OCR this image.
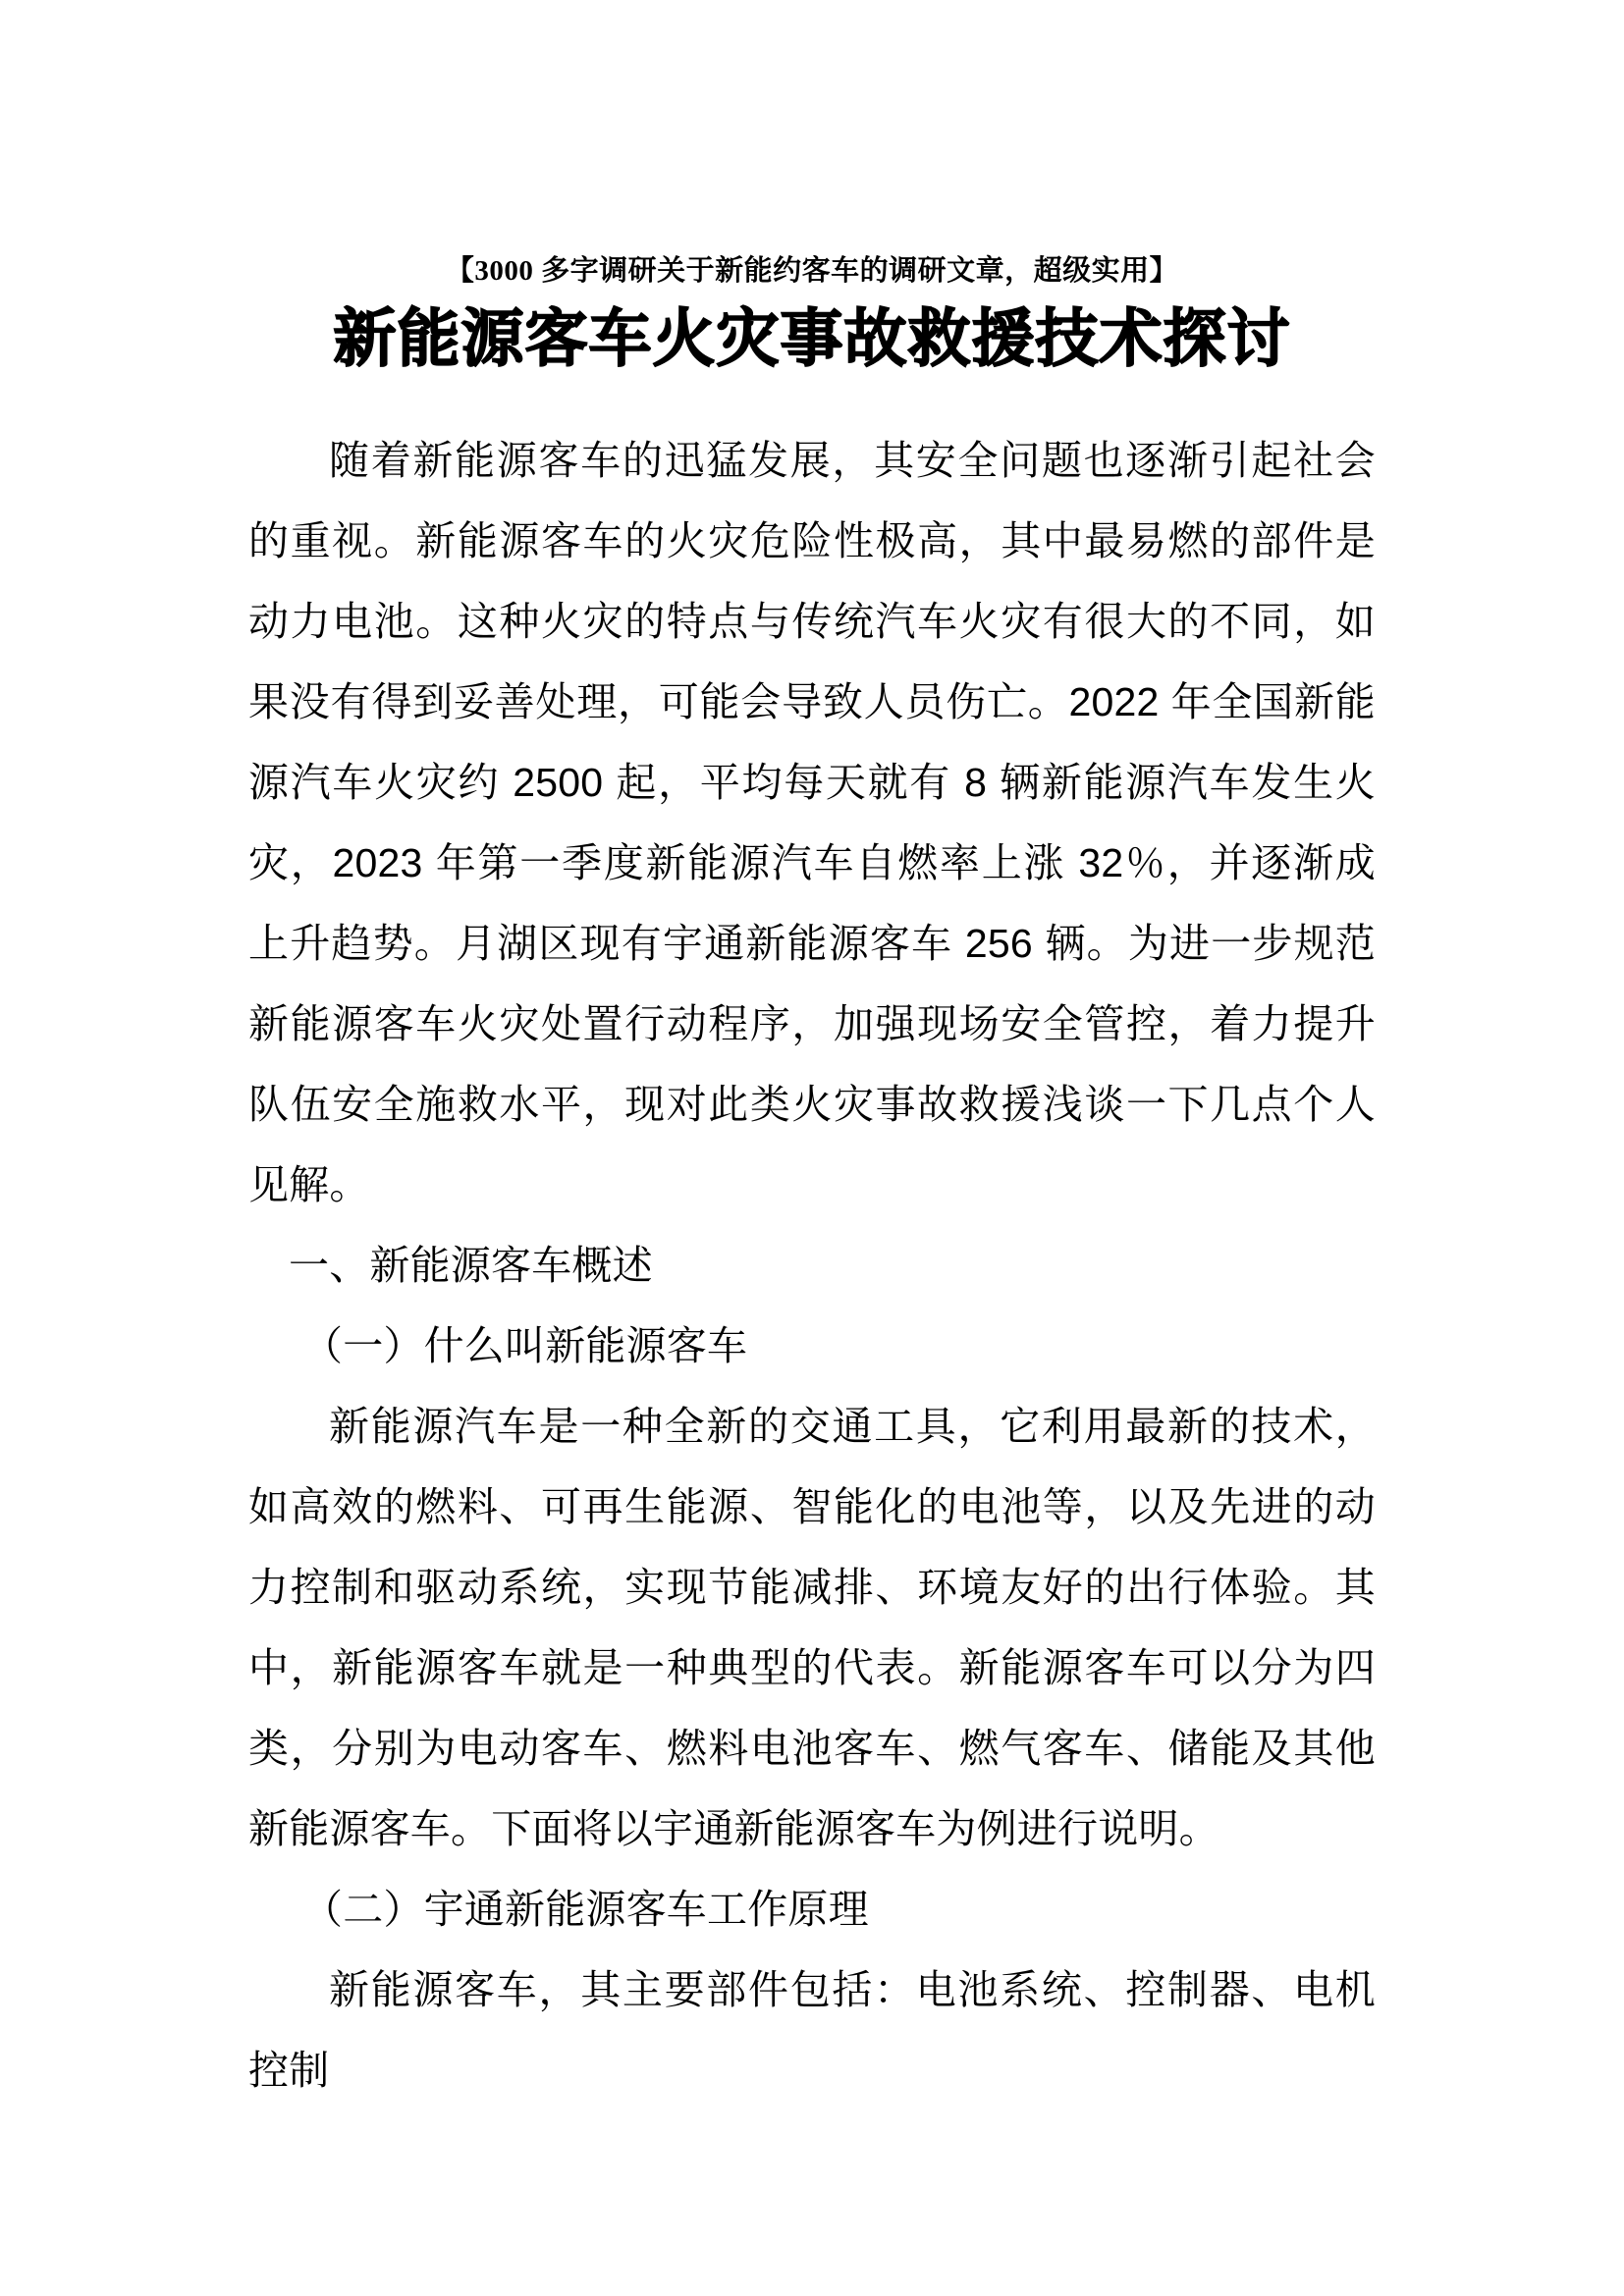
【3000 多字调研关于新能约客车的调研文章，超级实用】
新能源客车火灾事故救援技术探讨

随着新能源客车的迅猛发展，其安全问题也逐渐引起社会的重视。新能源客车的火灾危险性极高，其中最易燃的部件是动力电池。这种火灾的特点与传统汽车火灾有很大的不同，如果没有得到妥善处理，可能会导致人员伤亡。2022 年全国新能源汽车火灾约 2500 起，平均每天就有 8 辆新能源汽车发生火灾，2023 年第一季度新能源汽车自燃率上涨 32％，并逐渐成上升趋势。月湖区现有宇通新能源客车 256 辆。为进一步规范新能源客车火灾处置行动程序，加强现场安全管控，着力提升队伍安全施救水平，现对此类火灾事故救援浅谈一下几点个人见解。

一、新能源客车概述
（一）什么叫新能源客车

新能源汽车是一种全新的交通工具，它利用最新的技术，如高效的燃料、可再生能源、智能化的电池等，以及先进的动力控制和驱动系统，实现节能减排、环境友好的出行体验。其中，新能源客车就是一种典型的代表。新能源客车可以分为四类，分别为电动客车、燃料电池客车、燃气客车、储能及其他新能源客车。下面将以宇通新能源客车为例进行说明。

（二）宇通新能源客车工作原理

新能源客车，其主要部件包括：电池系统、控制器、电机控制
